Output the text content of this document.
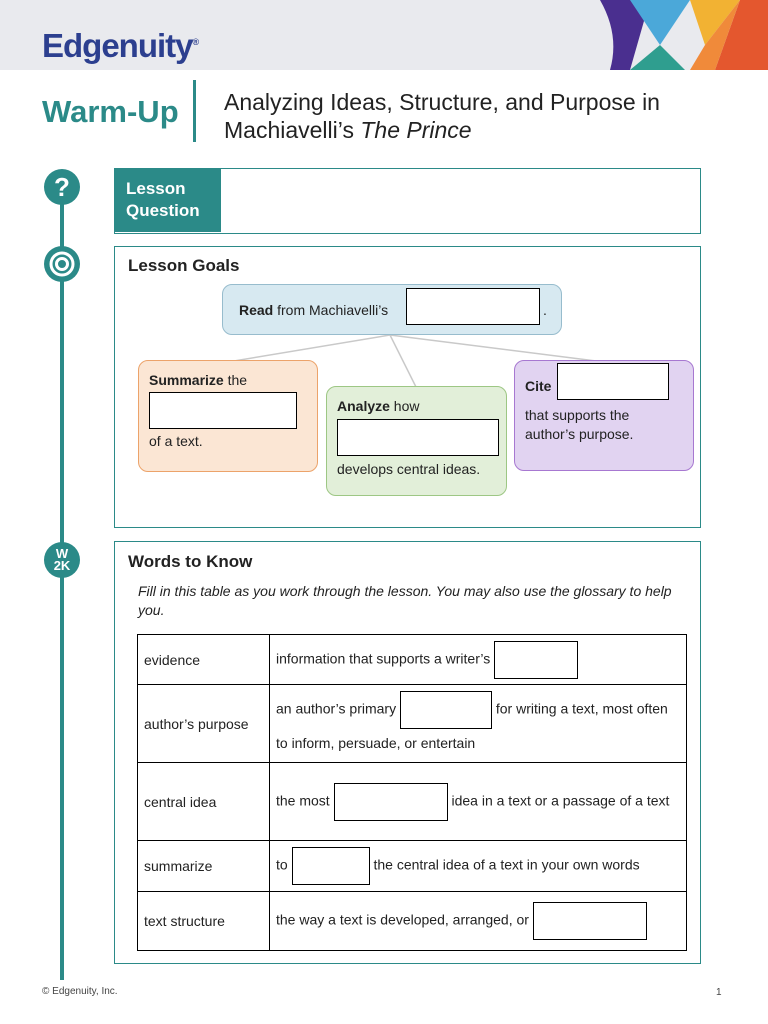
Edgenuity®
Warm-Up Analyzing Ideas, Structure, and Purpose in
Machiavelli’s The Prince
?
W
2K
Lesson
Question
Lesson Goals
Read from Machiavelli’s	.
Summarize the
of a text.
Analyze how
develops central ideas.
Cite
that supports the author’s purpose.
Words to Know
Fill in this table as you work through the lesson. You may also use the glossary to help you.
evidence	information that supports a writer’s
author’s purpose	an author’s primary for writing a text, most often to inform, persuade, or entertain
central idea	the most idea in a text or a passage of a text
summarize	to the central idea of a text in your own words
text structure	the way a text is developed, arranged, or
© Edgenuity, Inc.	1
